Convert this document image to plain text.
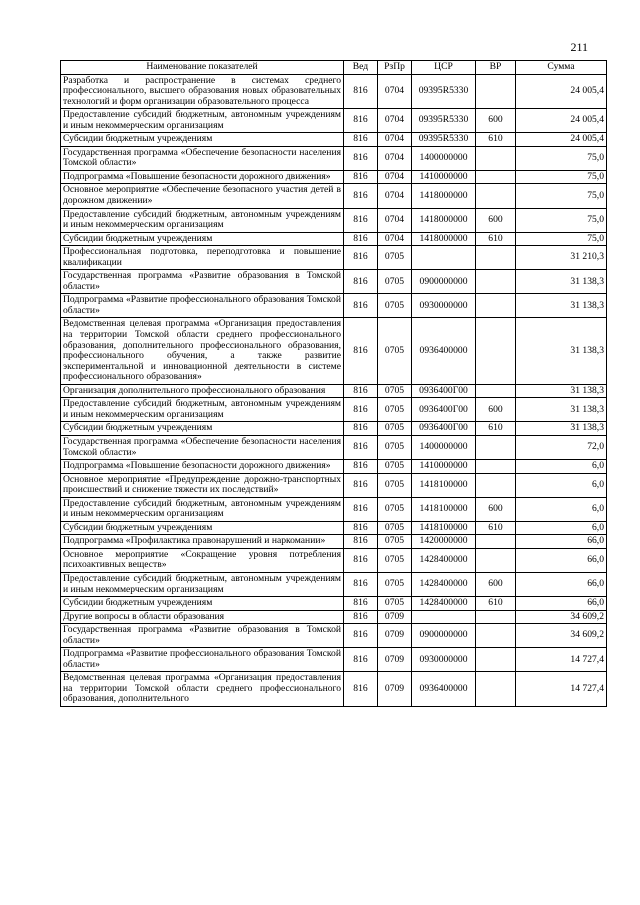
211
Наименование показателей	Вед	РзПр	ЦСР	ВР	Сумма
Разработка и распространение в системах среднего профессионального, высшего образования новых образовательных технологий и форм организации образовательного процесса	816	0704	09395R5330		24 005,4
Предоставление субсидий бюджетным, автономным учреждениям и иным некоммерческим организациям	816	0704	09395R5330	600	24 005,4
Субсидии бюджетным учреждениям	816	0704	09395R5330	610	24 005,4
Государственная программа «Обеспечение безопасности населения Томской области»	816	0704	1400000000		75,0
Подпрограмма «Повышение безопасности дорожного движения»	816	0704	1410000000		75,0
Основное мероприятие «Обеспечение безопасного участия детей в дорожном движении»	816	0704	1418000000		75,0
Предоставление субсидий бюджетным, автономным учреждениям и иным некоммерческим организациям	816	0704	1418000000	600	75,0
Субсидии бюджетным учреждениям	816	0704	1418000000	610	75,0
Профессиональная подготовка, переподготовка и повышение квалификации	816	0705			31 210,3
Государственная программа «Развитие образования в Томской области»	816	0705	0900000000		31 138,3
Подпрограмма «Развитие профессионального образования Томской области»	816	0705	0930000000		31 138,3
Ведомственная целевая программа «Организация предоставления на территории Томской области среднего профессионального образования, дополнительного профессионального образования, профессионального обучения, а также развитие экспериментальной и инновационной деятельности в системе профессионального образования»	816	0705	0936400000		31 138,3
Организация дополнительного профессионального образования	816	0705	0936400Г00		31 138,3
Предоставление субсидий бюджетным, автономным учреждениям и иным некоммерческим организациям	816	0705	0936400Г00	600	31 138,3
Субсидии бюджетным учреждениям	816	0705	0936400Г00	610	31 138,3
Государственная программа «Обеспечение безопасности населения Томской области»	816	0705	1400000000		72,0
Подпрограмма «Повышение безопасности дорожного движения»	816	0705	1410000000		6,0
Основное мероприятие «Предупреждение дорожно-транспортных происшествий и снижение тяжести их последствий»	816	0705	1418100000		6,0
Предоставление субсидий бюджетным, автономным учреждениям и иным некоммерческим организациям	816	0705	1418100000	600	6,0
Субсидии бюджетным учреждениям	816	0705	1418100000	610	6,0
Подпрограмма «Профилактика правонарушений и наркомании»	816	0705	1420000000		66,0
Основное мероприятие «Сокращение уровня потребления психоактивных веществ»	816	0705	1428400000		66,0
Предоставление субсидий бюджетным, автономным учреждениям и иным некоммерческим организациям	816	0705	1428400000	600	66,0
Субсидии бюджетным учреждениям	816	0705	1428400000	610	66,0
Другие вопросы в области образования	816	0709			34 609,2
Государственная программа «Развитие образования в Томской области»	816	0709	0900000000		34 609,2
Подпрограмма «Развитие профессионального образования Томской области»	816	0709	0930000000		14 727,4
Ведомственная целевая программа «Организация предоставления на территории Томской области среднего профессионального образования, дополнительного	816	0709	0936400000		14 727,4
